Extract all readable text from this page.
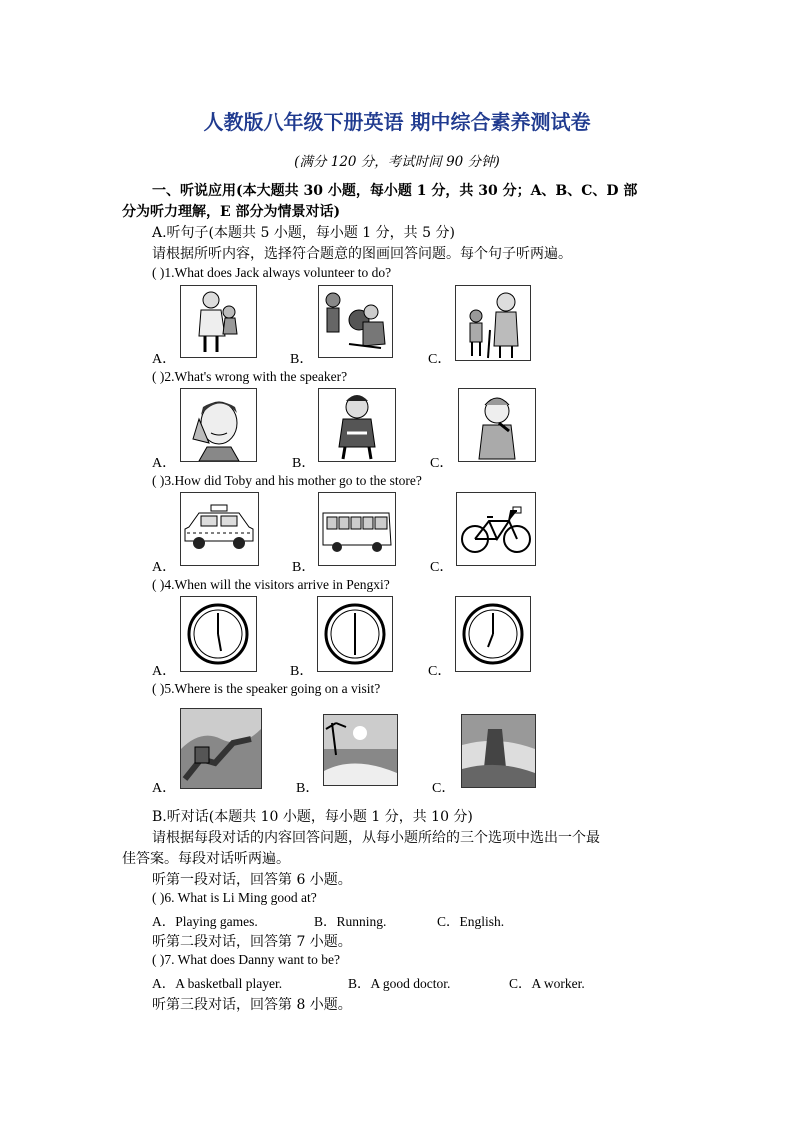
人教版八年级下册英语 期中综合素养测试卷
(满分 120 分，考试时间 90 分钟)
一、听说应用(本大题共 30 小题，每小题 1 分，共 30 分；A、B、C、D 部
分为听力理解，E 部分为情景对话)
A.听句子(本题共 5 小题，每小题 1 分，共 5 分)
请根据所听内容，选择符合题意的图画回答问题。每个句子听两遍。
( )1.What does Jack always volunteer to do?
A．	B．	C．
( )2.What's wrong with the speaker?
A．	B．	C．
( )3.How did Toby and his mother go to the store?
A．	B．	C．
( )4.When will the visitors arrive in Pengxi?
A．	B．	C．
( )5.Where is the speaker going on a visit?
A．	B．	C．
B.听对话(本题共 10 小题，每小题 1 分，共 10 分)
请根据每段对话的内容回答问题，从每小题所给的三个选项中选出一个最
佳答案。每段对话听两遍。
听第一段对话，回答第 6 小题。
( )6. What is Li Ming good at?
A．Playing games.	B．Running.	C．English.
听第二段对话，回答第 7 小题。
( )7. What does Danny want to be?
A．A basketball player.	B．A good doctor.	C．A worker.
听第三段对话，回答第 8 小题。
